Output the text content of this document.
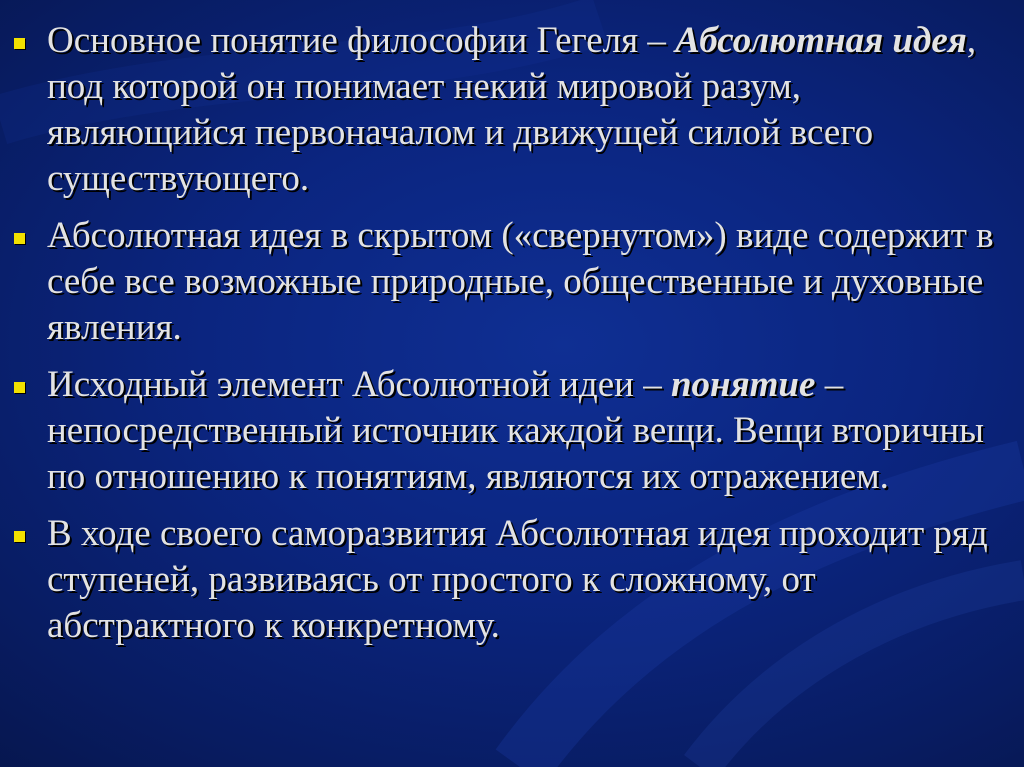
Основное понятие философии Гегеля – Абсолютная идея, под которой он понимает некий мировой разум, являющийся первоначалом и движущей силой всего существующего.
Абсолютная идея в скрытом («свернутом») виде содержит в себе все возможные природные, общественные и духовные явления.
Исходный элемент Абсолютной идеи – понятие – непосредственный источник каждой вещи. Вещи вторичны по отношению к понятиям, являются их отражением.
В ходе своего саморазвития Абсолютная идея проходит ряд ступеней, развиваясь от простого к сложному, от абстрактного к конкретному.
